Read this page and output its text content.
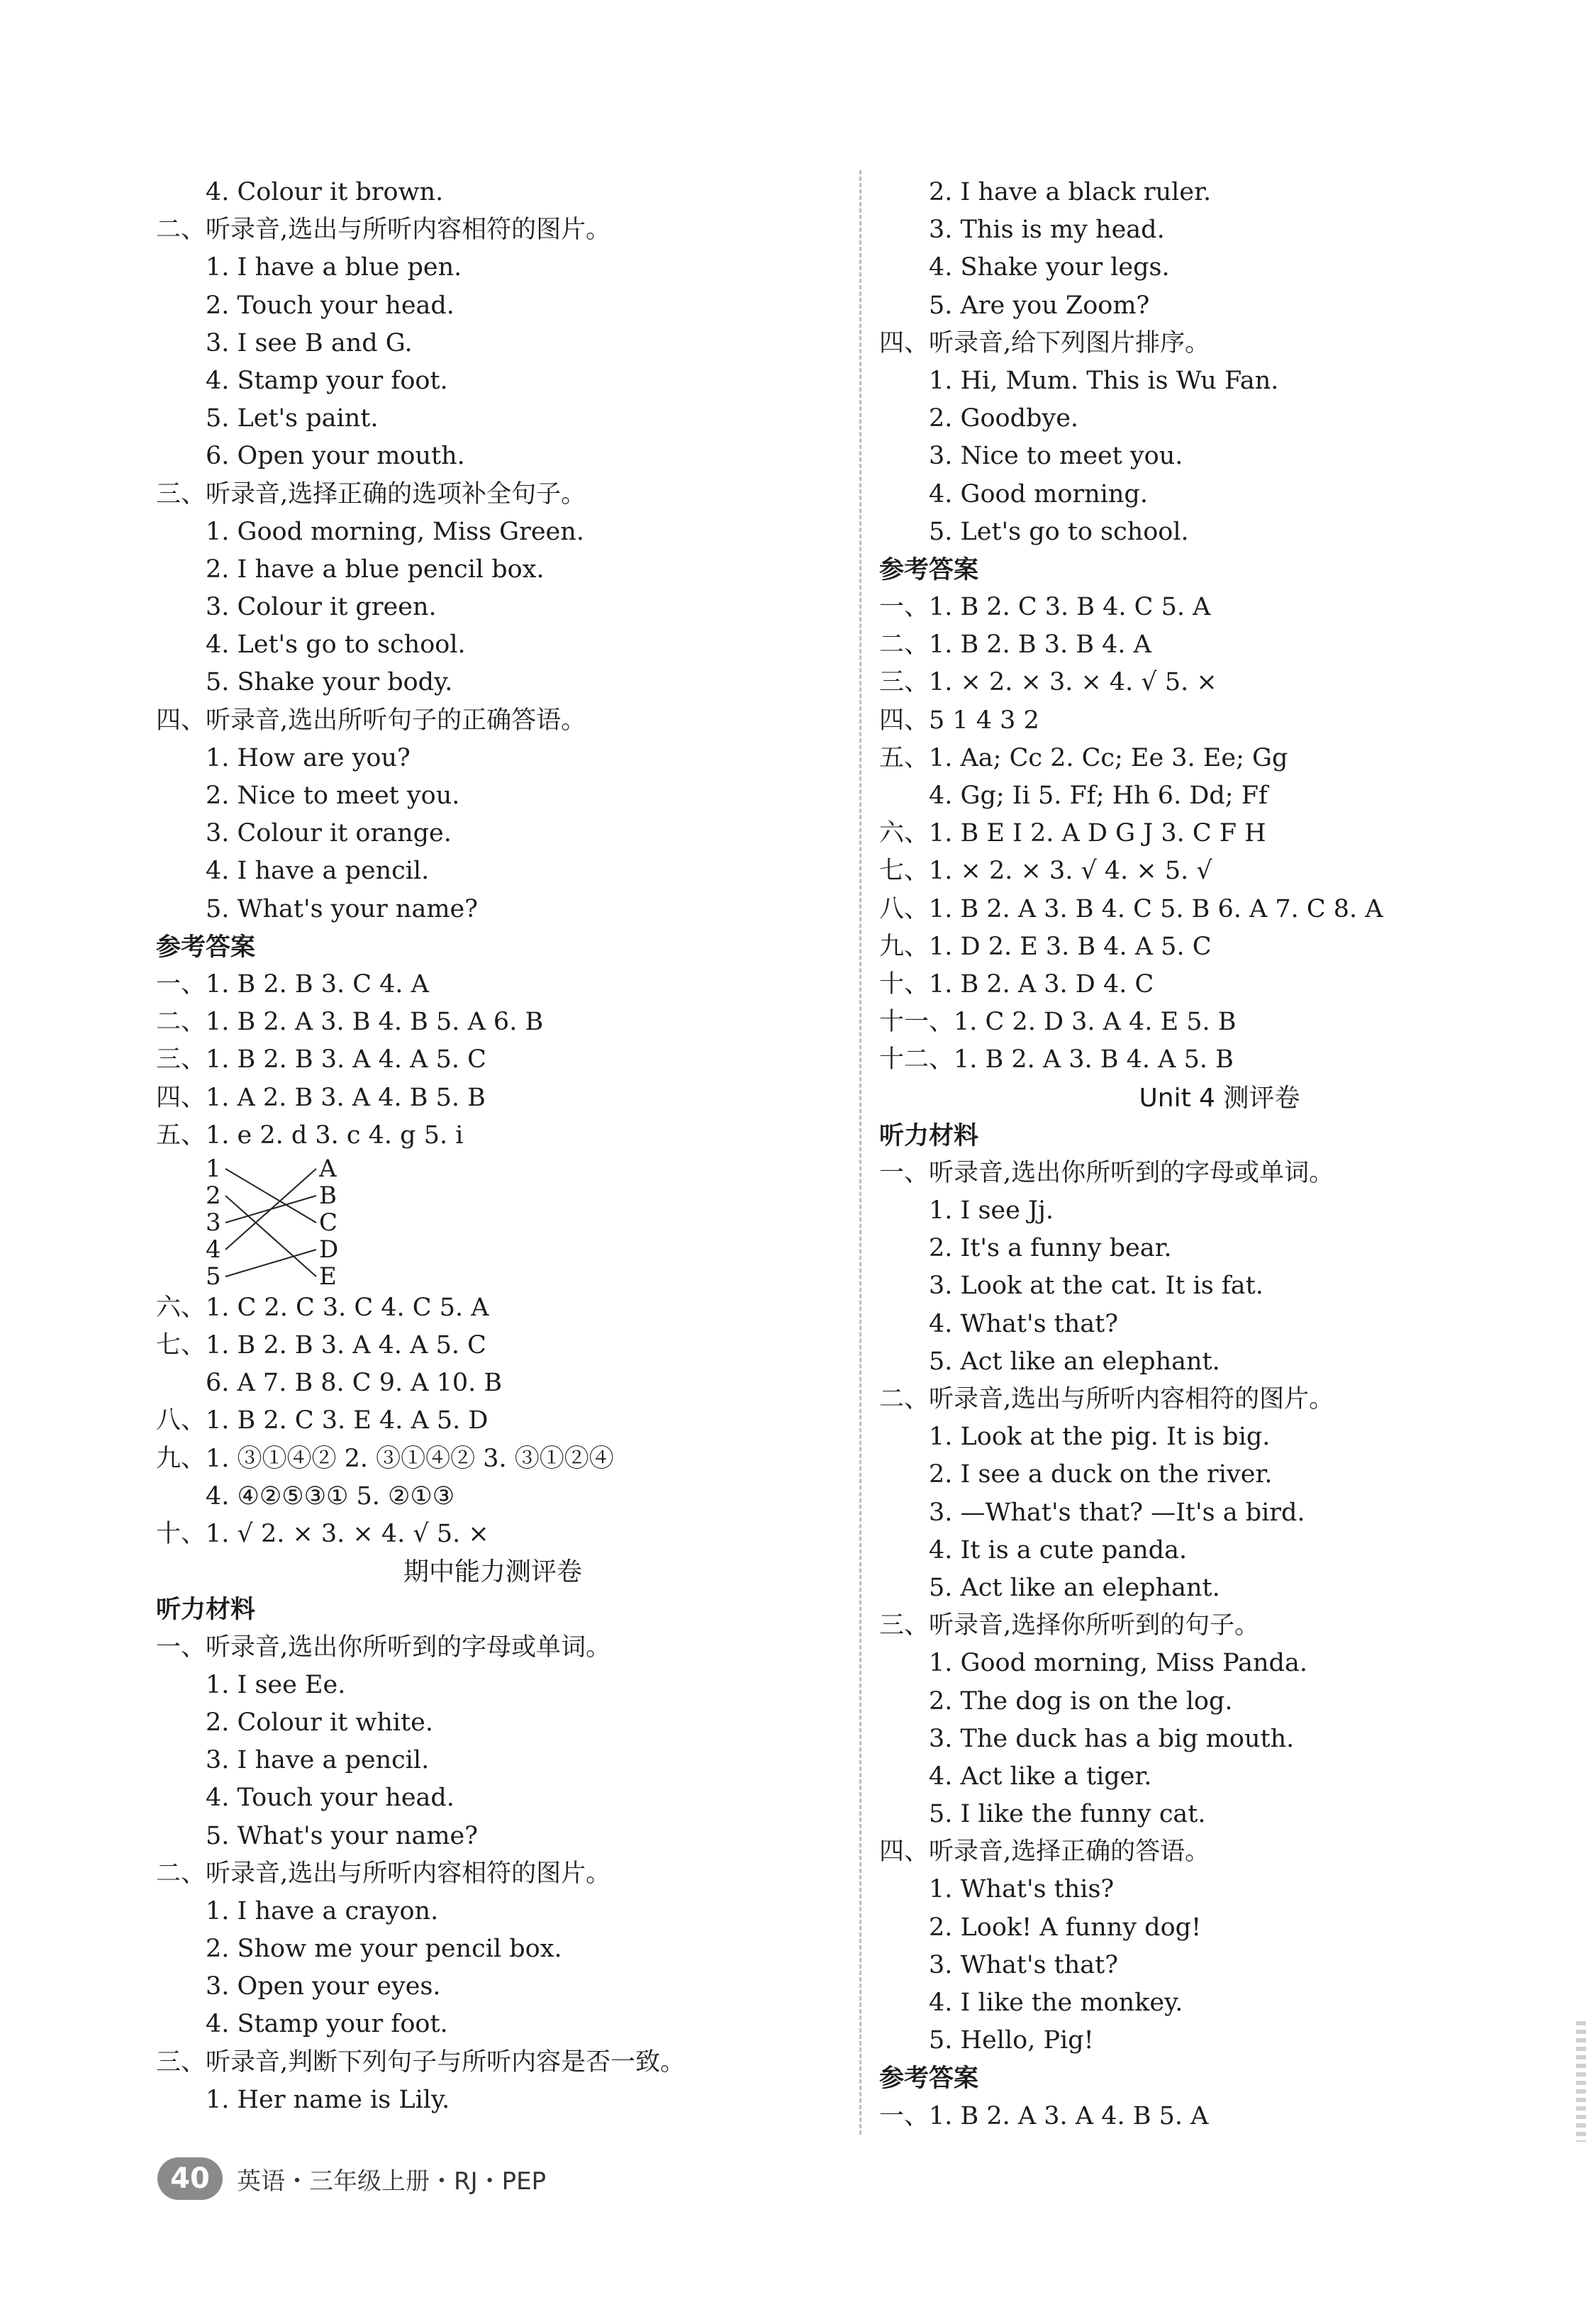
4. Colour it brown.
二、听录音,选出与所听内容相符的图片。
1. I have a blue pen.
2. Touch your head.
3. I see B and G.
4. Stamp your foot.
5. Let's paint.
6. Open your mouth.
三、听录音,选择正确的选项补全句子。
1. Good morning, Miss Green.
2. I have a blue pencil box.
3. Colour it green.
4. Let's go to school.
5. Shake your body.
四、听录音,选出所听句子的正确答语。
1. How are you?
2. Nice to meet you.
3. Colour it orange.
4. I have a pencil.
5. What's your name?
参考答案
一、1. B 2. B 3. C 4. A
二、1. B 2. A 3. B 4. B 5. A 6. B
三、1. B 2. B 3. A 4. A 5. C
四、1. A 2. B 3. A 4. B 5. B
五、1. e 2. d 3. c 4. g 5. i
1
2
3
4
5
A
B
C
D
E
六、1. C 2. C 3. C 4. C 5. A
七、1. B 2. B 3. A 4. A 5. C
6. A 7. B 8. C 9. A 10. B
八、1. B 2. C 3. E 4. A 5. D
九、1. ③①④② 2. ③①④② 3. ③①②④
4. ④②⑤③① 5. ②①③
十、1. √ 2. × 3. × 4. √ 5. ×
期中能力测评卷
听力材料
一、听录音,选出你所听到的字母或单词。
1. I see Ee.
2. Colour it white.
3. I have a pencil.
4. Touch your head.
5. What's your name?
二、听录音,选出与所听内容相符的图片。
1. I have a crayon.
2. Show me your pencil box.
3. Open your eyes.
4. Stamp your foot.
三、听录音,判断下列句子与所听内容是否一致。
1. Her name is Lily.
2. I have a black ruler.
3. This is my head.
4. Shake your legs.
5. Are you Zoom?
四、听录音,给下列图片排序。
1. Hi, Mum. This is Wu Fan.
2. Goodbye.
3. Nice to meet you.
4. Good morning.
5. Let's go to school.
参考答案
一、1. B 2. C 3. B 4. C 5. A
二、1. B 2. B 3. B 4. A
三、1. × 2. × 3. × 4. √ 5. ×
四、5 1 4 3 2
五、1. Aa; Cc 2. Cc; Ee 3. Ee; Gg
4. Gg; Ii 5. Ff; Hh 6. Dd; Ff
六、1. B E I 2. A D G J 3. C F H
七、1. × 2. × 3. √ 4. × 5. √
八、1. B 2. A 3. B 4. C 5. B 6. A 7. C 8. A
九、1. D 2. E 3. B 4. A 5. C
十、1. B 2. A 3. D 4. C
十一、1. C 2. D 3. A 4. E 5. B
十二、1. B 2. A 3. B 4. A 5. B
Unit 4 测评卷
听力材料
一、听录音,选出你所听到的字母或单词。
1. I see Jj.
2. It's a funny bear.
3. Look at the cat. It is fat.
4. What's that?
5. Act like an elephant.
二、听录音,选出与所听内容相符的图片。
1. Look at the pig. It is big.
2. I see a duck on the river.
3. —What's that? —It's a bird.
4. It is a cute panda.
5. Act like an elephant.
三、听录音,选择你所听到的句子。
1. Good morning, Miss Panda.
2. The dog is on the log.
3. The duck has a big mouth.
4. Act like a tiger.
5. I like the funny cat.
四、听录音,选择正确的答语。
1. What's this?
2. Look! A funny dog!
3. What's that?
4. I like the monkey.
5. Hello, Pig!
参考答案
一、1. B 2. A 3. A 4. B 5. A
40	英语・三年级上册・RJ・PEP
